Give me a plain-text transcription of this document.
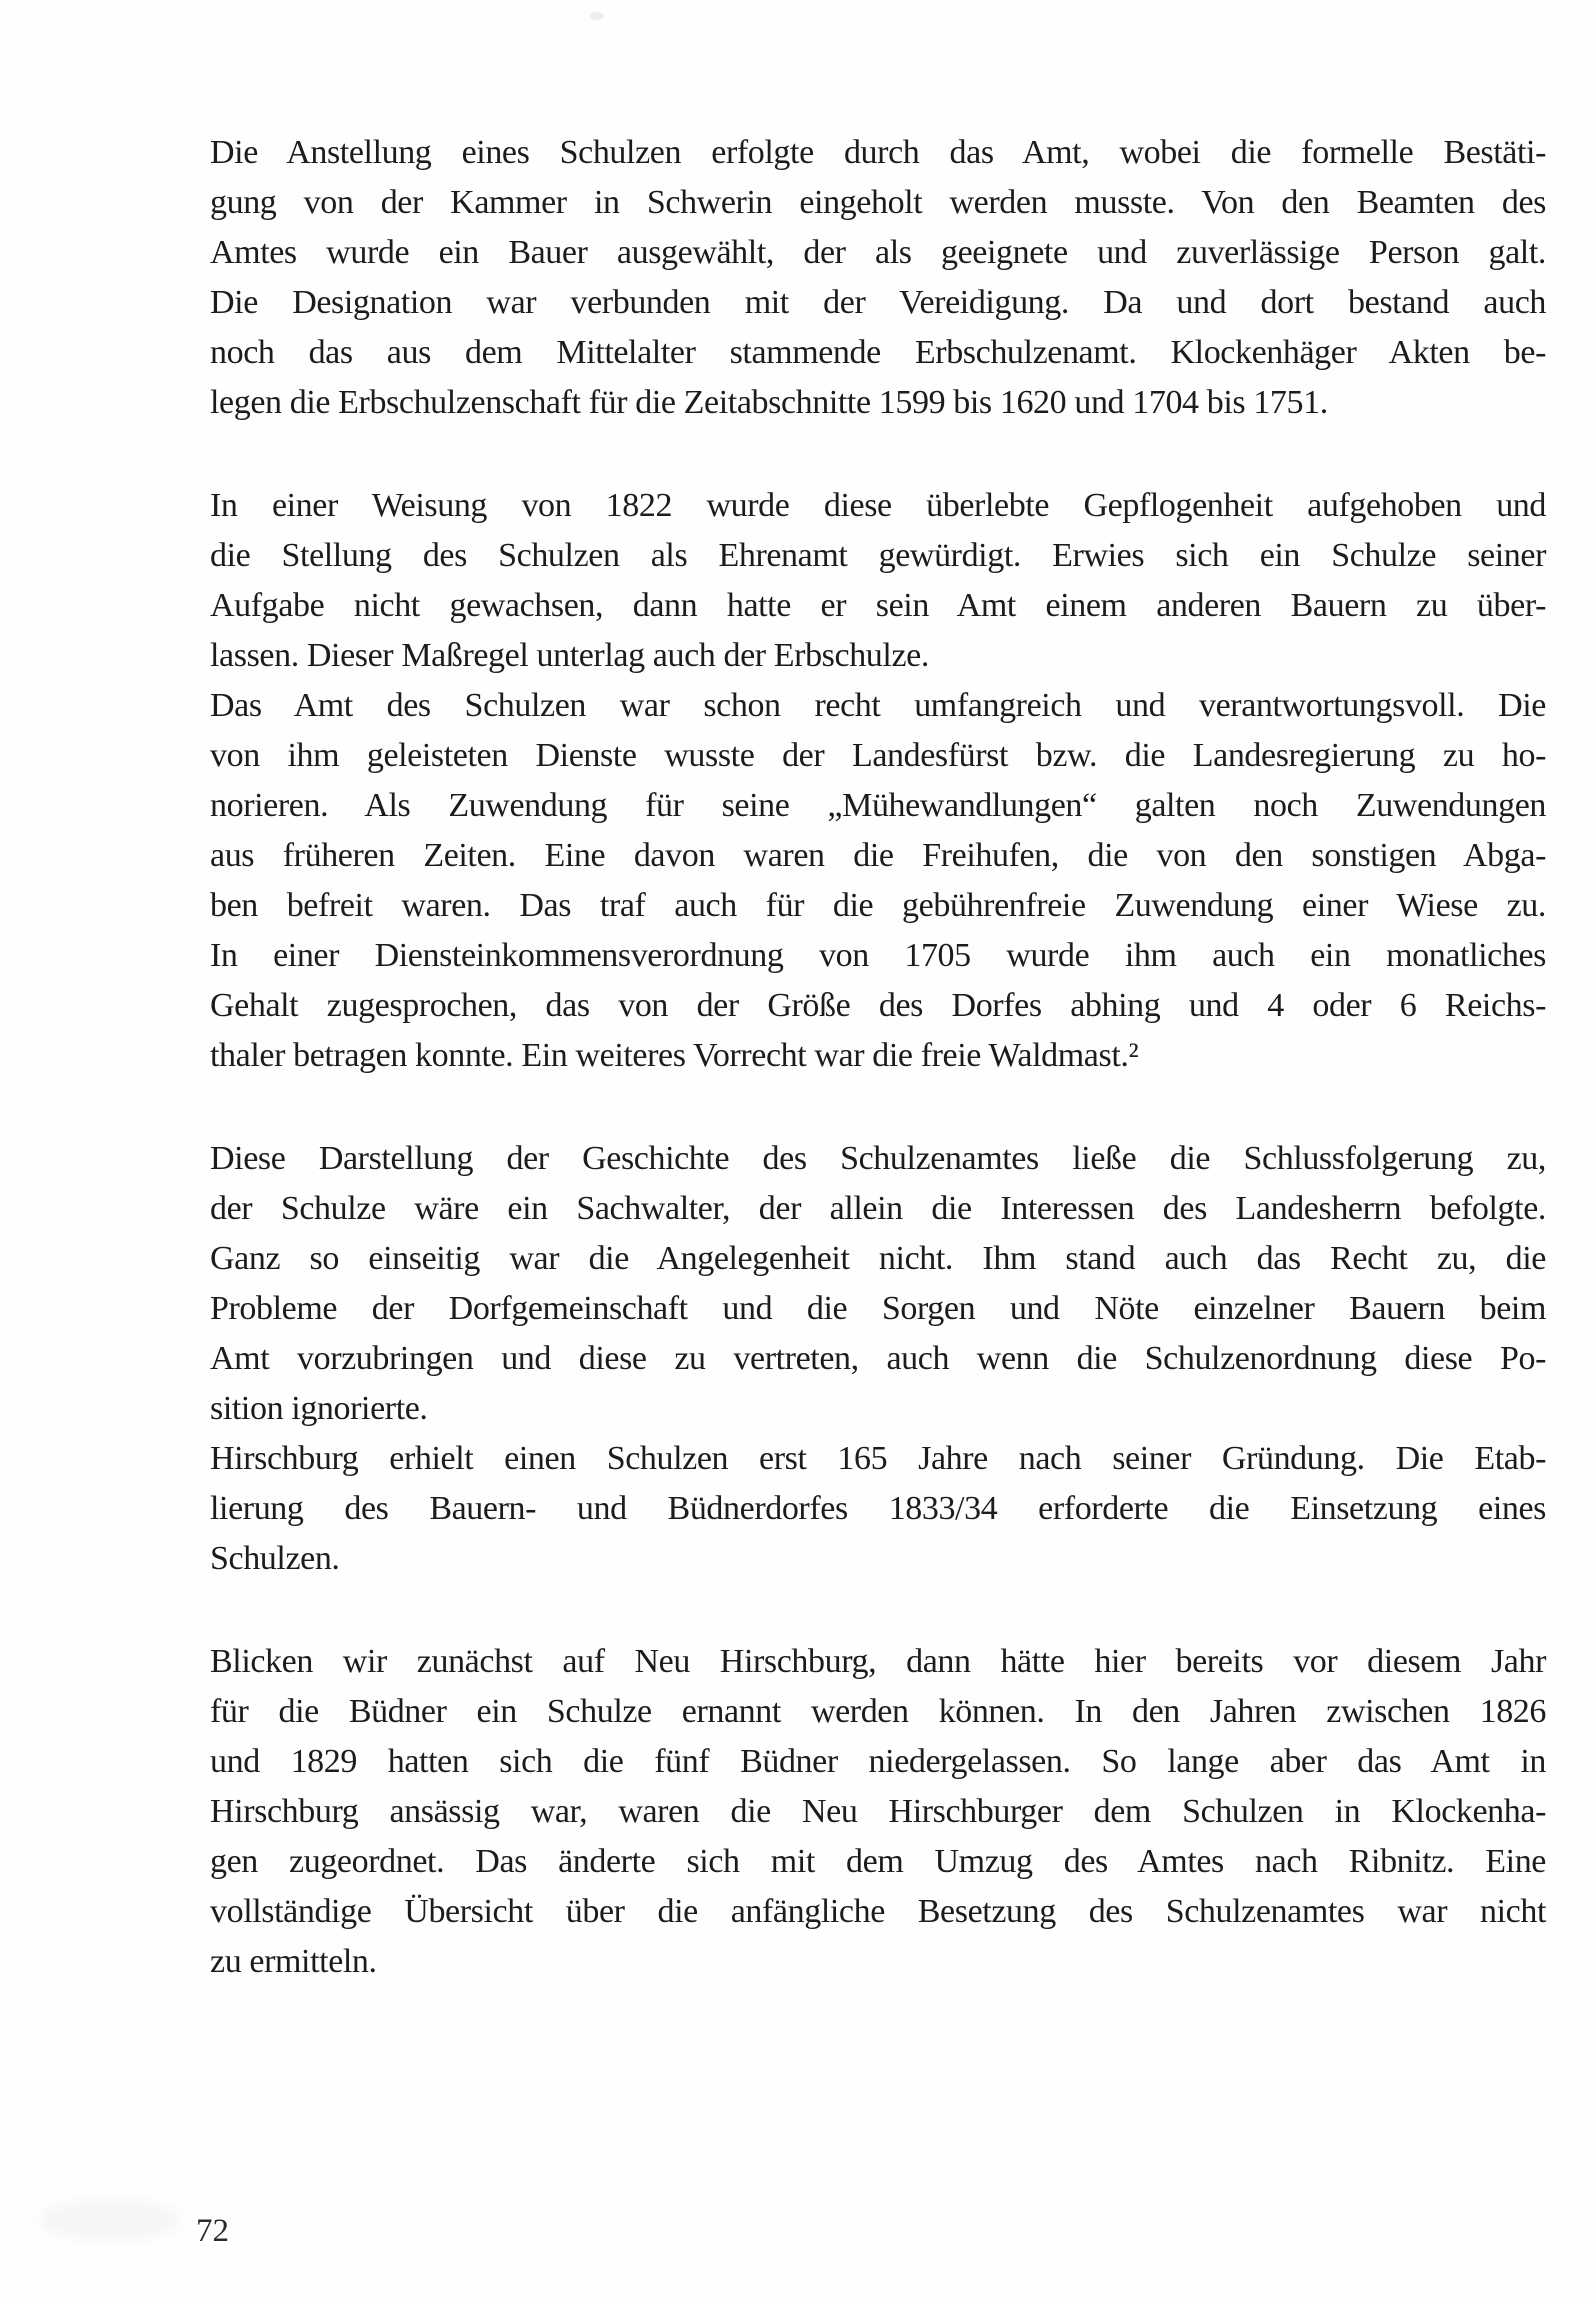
Die Anstellung eines Schulzen erfolgte durch das Amt, wobei die formelle Bestäti-
gung von der Kammer in Schwerin eingeholt werden musste. Von den Beamten des
Amtes wurde ein Bauer ausgewählt, der als geeignete und zuverlässige Person galt.
Die Designation war verbunden mit der Vereidigung. Da und dort bestand auch
noch das aus dem Mittelalter stammende Erbschulzenamt. Klockenhäger Akten be-
legen die Erbschulzenschaft für die Zeitabschnitte 1599 bis 1620 und 1704 bis 1751.
In einer Weisung von 1822 wurde diese überlebte Gepflogenheit aufgehoben und
die Stellung des Schulzen als Ehrenamt gewürdigt. Erwies sich ein Schulze seiner
Aufgabe nicht gewachsen, dann hatte er sein Amt einem anderen Bauern zu über-
lassen. Dieser Maßregel unterlag auch der Erbschulze.
Das Amt des Schulzen war schon recht umfangreich und verantwortungsvoll. Die
von ihm geleisteten Dienste wusste der Landesfürst bzw. die Landesregierung zu ho-
norieren. Als Zuwendung für seine „Mühewandlungen“ galten noch Zuwendungen
aus früheren Zeiten. Eine davon waren die Freihufen, die von den sonstigen Abga-
ben befreit waren. Das traf auch für die gebührenfreie Zuwendung einer Wiese zu.
In einer Diensteinkommensverordnung von 1705 wurde ihm auch ein monatliches
Gehalt zugesprochen, das von der Größe des Dorfes abhing und 4 oder 6 Reichs-
thaler betragen konnte. Ein weiteres Vorrecht war die freie Waldmast.²
Diese Darstellung der Geschichte des Schulzenamtes ließe die Schlussfolgerung zu,
der Schulze wäre ein Sachwalter, der allein die Interessen des Landesherrn befolgte.
Ganz so einseitig war die Angelegenheit nicht. Ihm stand auch das Recht zu, die
Probleme der Dorfgemeinschaft und die Sorgen und Nöte einzelner Bauern beim
Amt vorzubringen und diese zu vertreten, auch wenn die Schulzenordnung diese Po-
sition ignorierte.
Hirschburg erhielt einen Schulzen erst 165 Jahre nach seiner Gründung. Die Etab-
lierung des Bauern- und Büdnerdorfes 1833/34 erforderte die Einsetzung eines
Schulzen.
Blicken wir zunächst auf Neu Hirschburg, dann hätte hier bereits vor diesem Jahr
für die Büdner ein Schulze ernannt werden können. In den Jahren zwischen 1826
und 1829 hatten sich die fünf Büdner niedergelassen. So lange aber das Amt in
Hirschburg ansässig war, waren die Neu Hirschburger dem Schulzen in Klockenha-
gen zugeordnet. Das änderte sich mit dem Umzug des Amtes nach Ribnitz. Eine
vollständige Übersicht über die anfängliche Besetzung des Schulzenamtes war nicht
zu ermitteln.
72
